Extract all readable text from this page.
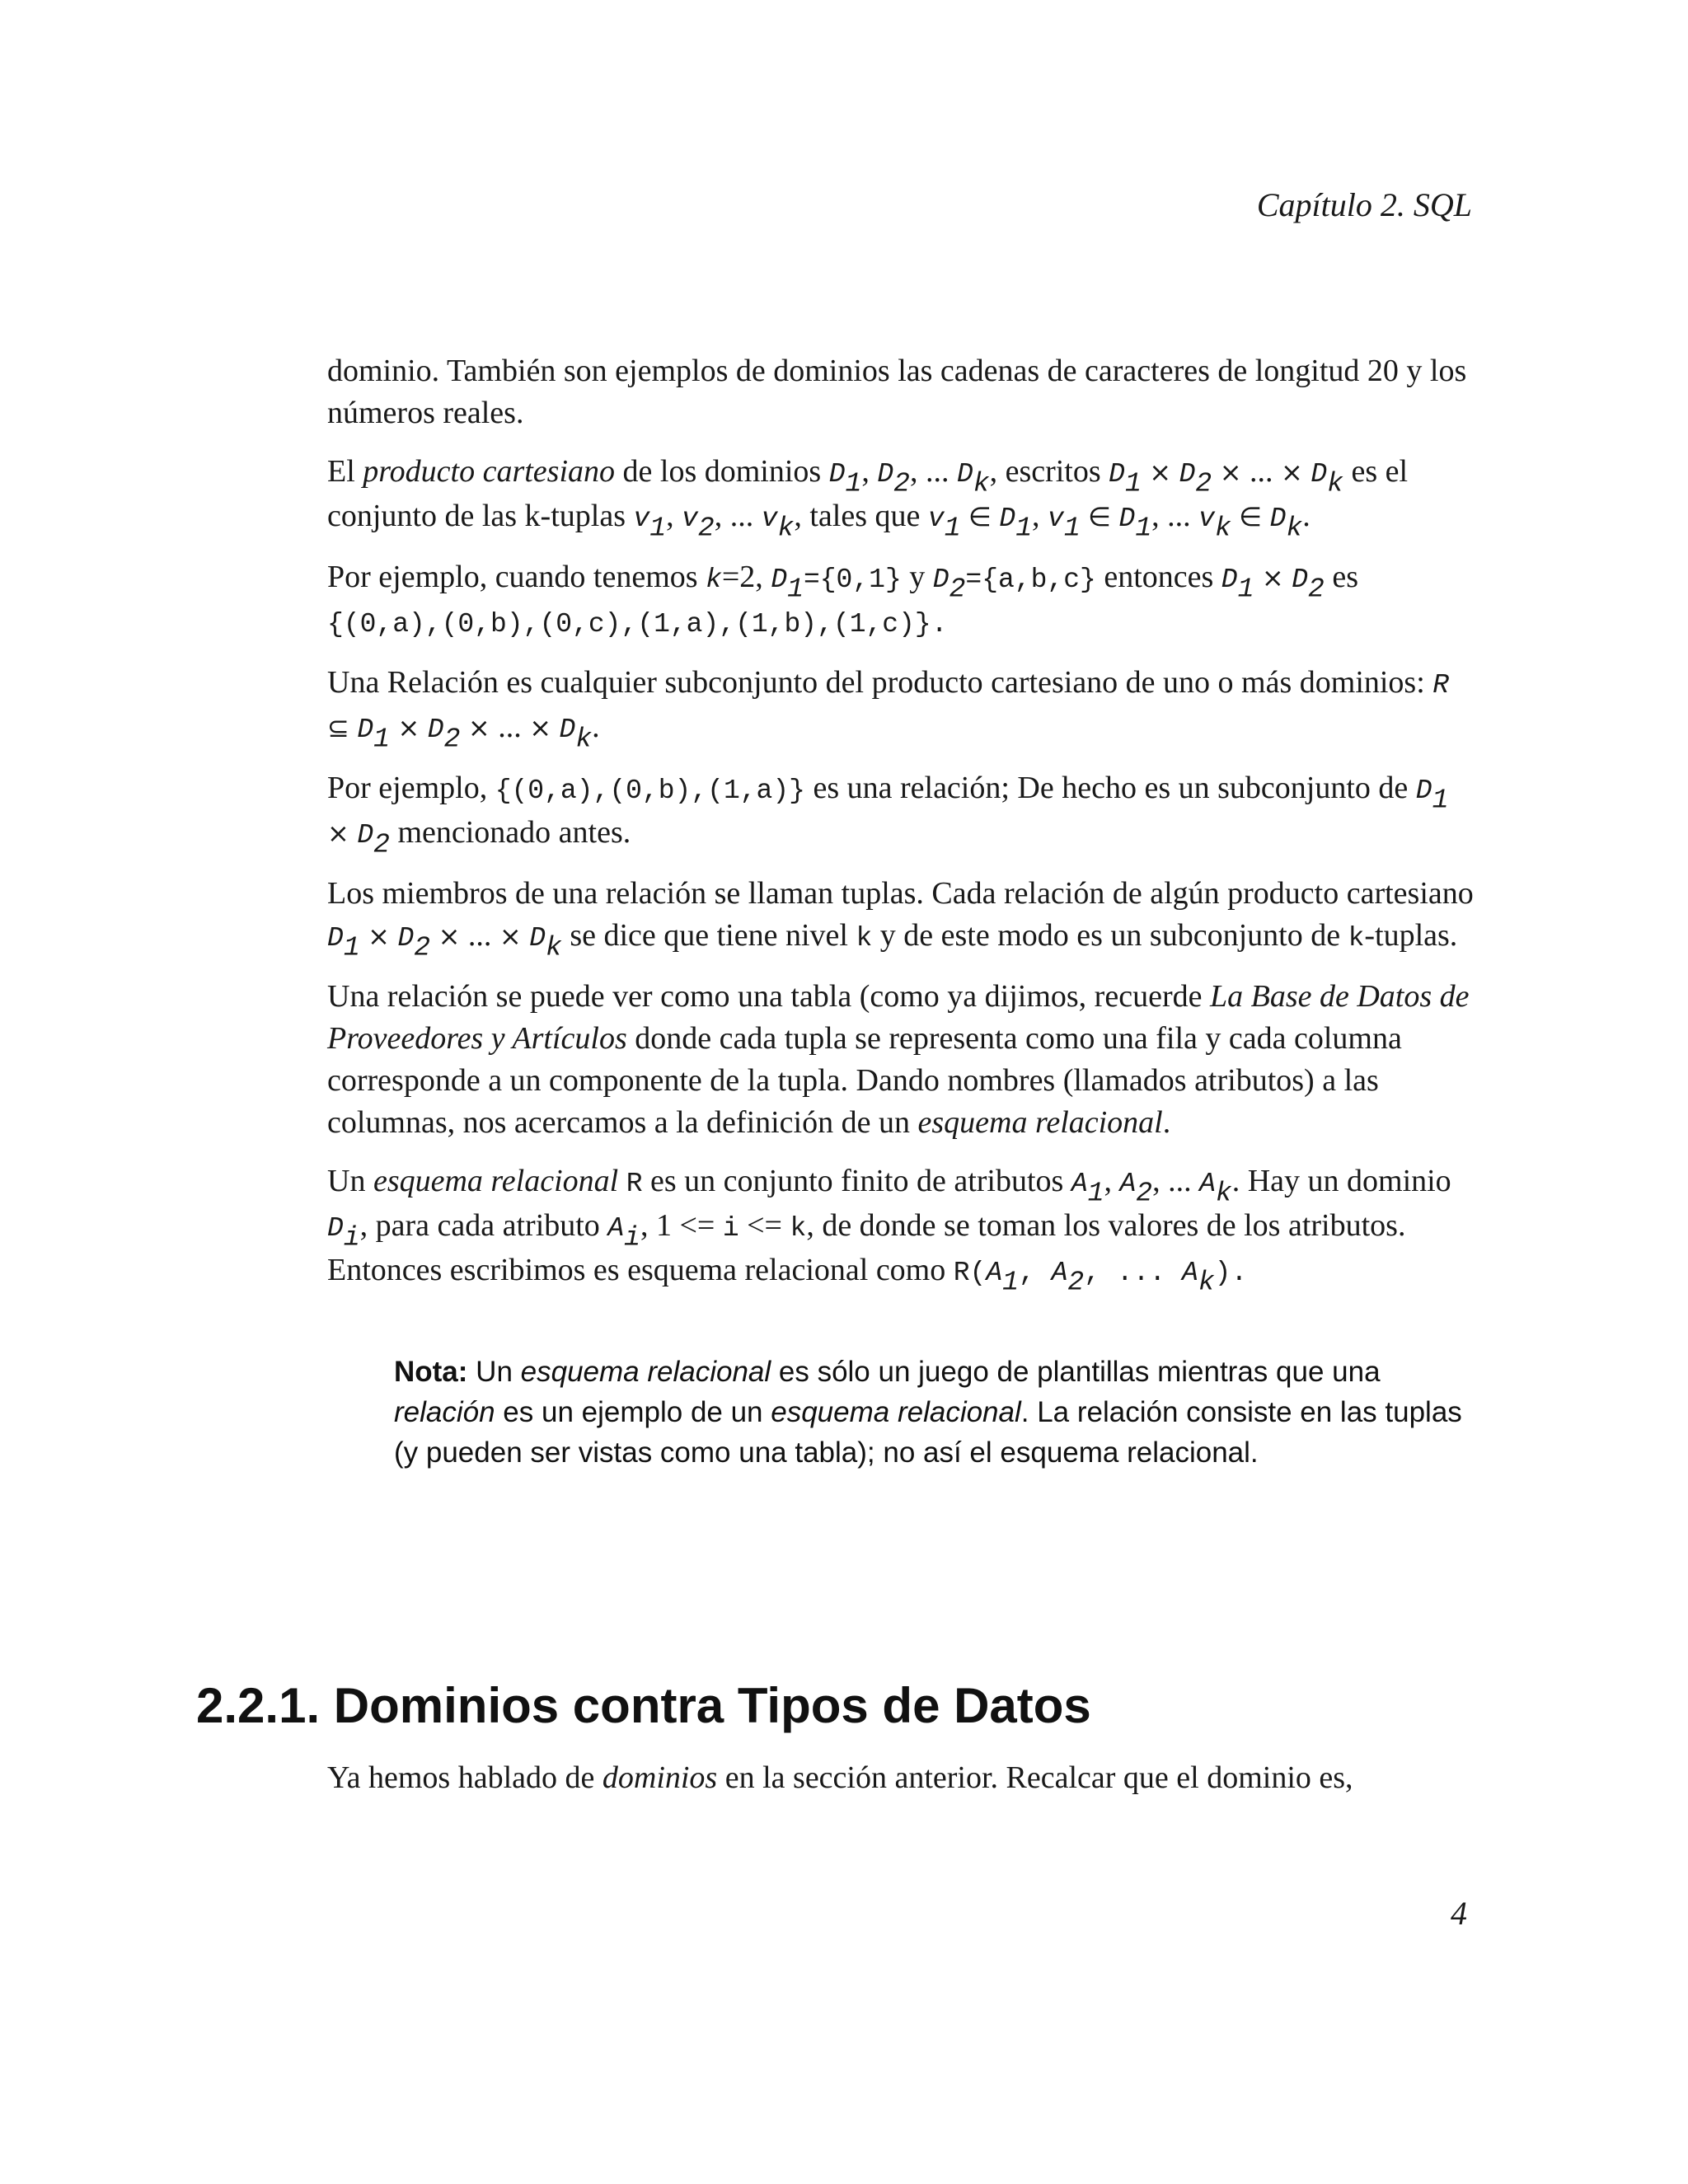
Capítulo 2. SQL

dominio. También son ejemplos de dominios las cadenas de caracteres de longitud 20 y los números reales.

El producto cartesiano de los dominios $D_1$, $D_2$, ... $D_k$, escritos $D_1 \times D_2$ × ... × $D_k$ es el conjunto de las k-tuplas $v_1$, $v_2$, ... $v_k$, tales que $v_1$ ∈ $D_1$, $v_1$ ∈ $D_1$, ... $v_k$ ∈ $D_k$.

Por ejemplo, cuando tenemos k=2, $D_1=\{0,1\}$ y $D_2=\{a,b,c\}$ entonces $D_1 \times D_2$ es {(0,a),(0,b),(0,c),(1,a),(1,b),(1,c)}.

Una Relación es cualquier subconjunto del producto cartesiano de uno o más dominios: R ⊆ $D_1 \times D_2$ × ... × $D_k$.

Por ejemplo, {(0,a),(0,b),(1,a)} es una relación; De hecho es un subconjunto de $D_1 \times D_2$ mencionado antes.

Los miembros de una relación se llaman tuplas. Cada relación de algún producto cartesiano $D_1 \times D_2$ × ... × $D_k$ se dice que tiene nivel k y de este modo es un subconjunto de k-tuplas.

Una relación se puede ver como una tabla (como ya dijimos, recuerde La Base de Datos de Proveedores y Artículos donde cada tupla se representa como una fila y cada columna corresponde a un componente de la tupla. Dando nombres (llamados atributos) a las columnas, nos acercamos a la definición de un esquema relacional.

Un esquema relacional R es un conjunto finito de atributos $A_1$, $A_2$, ... $A_k$. Hay un dominio $D_i$, para cada atributo $A_i$, 1 <= i <= k, de donde se toman los valores de los atributos. Entonces escribimos es esquema relacional como $R(A_1$, $A_2$, ... $A_k$).

Nota: Un esquema relacional es sólo un juego de plantillas mientras que una relación es un ejemplo de un esquema relacional. La relación consiste en las tuplas (y pueden ser vistas como una tabla); no así el esquema relacional.
2.2.1. Dominios contra Tipos de Datos

Ya hemos hablado de dominios en la sección anterior. Recalcar que el dominio es,

4
